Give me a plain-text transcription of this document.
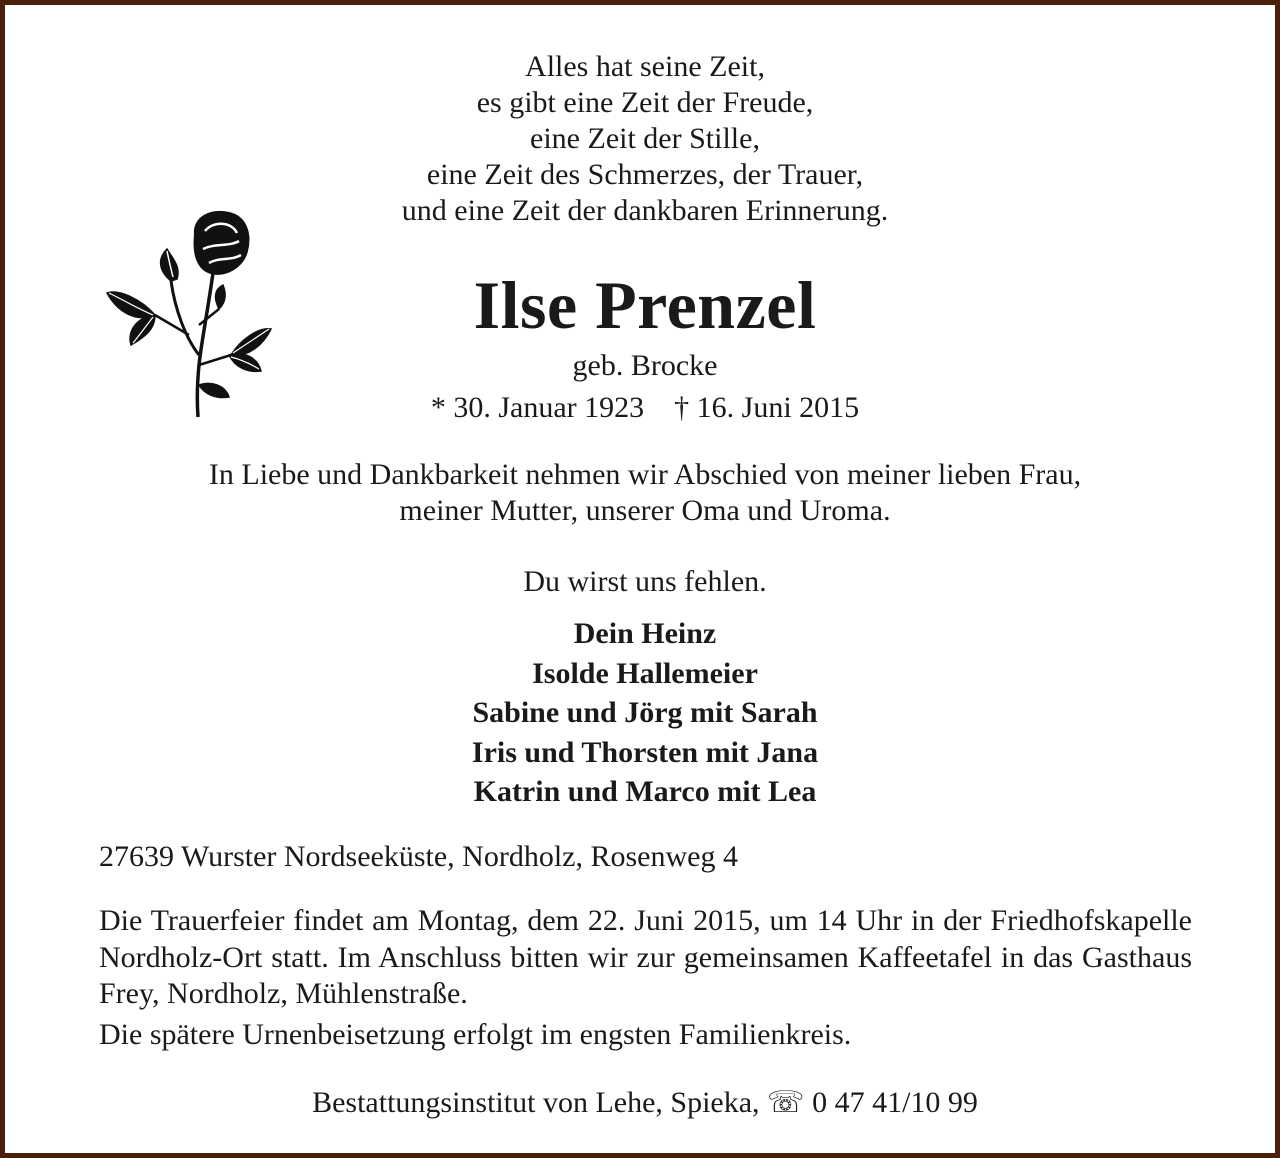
Alles hat seine Zeit,
es gibt eine Zeit der Freude,
eine Zeit der Stille,
eine Zeit des Schmerzes, der Trauer,
und eine Zeit der dankbaren Erinnerung.
Ilse Prenzel
geb. Brocke
* 30. Januar 1923    † 16. Juni 2015
In Liebe und Dankbarkeit nehmen wir Abschied von meiner lieben Frau,
meiner Mutter, unserer Oma und Uroma.
Du wirst uns fehlen.
Dein Heinz
Isolde Hallemeier
Sabine und Jörg mit Sarah
Iris und Thorsten mit Jana
Katrin und Marco mit Lea
27639 Wurster Nordseeküste, Nordholz, Rosenweg 4

Die Trauerfeier findet am Montag, dem 22. Juni 2015, um 14 Uhr in der Friedhofskapelle Nordholz-Ort statt. Im Anschluss bitten wir zur gemeinsamen Kaffeetafel in das Gasthaus Frey, Nordholz, Mühlenstraße.

Die spätere Urnenbeisetzung erfolgt im engsten Familienkreis.
Bestattungsinstitut von Lehe, Spieka, ☏ 0 47 41/10 99
